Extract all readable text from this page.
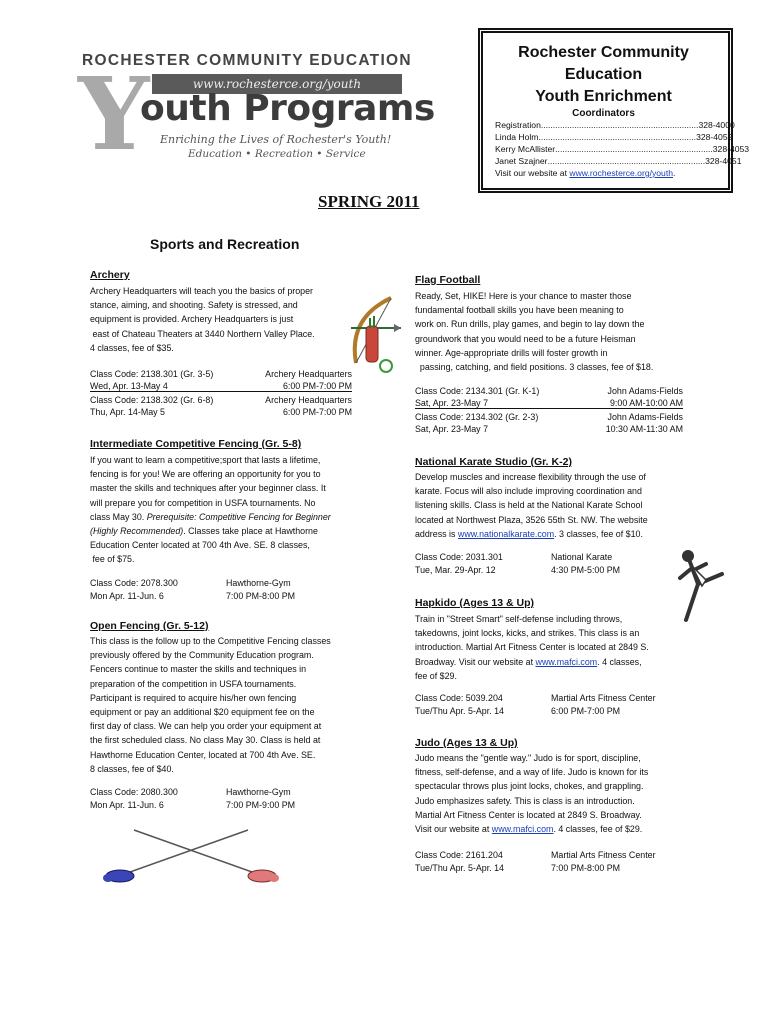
ROCHESTER COMMUNITY EDUCATION
www.rochesterce.org/youth
Y
outh Programs
Enriching the Lives of Rochester's Youth!
Education • Recreation • Service
Rochester Community
Education
Youth Enrichment
Coordinators
Registration .................................................................. 328-4000
Linda Holm .................................................................. 328-4052
Kerry McAllister .................................................................. 328-4053
Janet Szajner .................................................................. 328-4051
Visit our website at www.rochesterce.org/youth.
SPRING 2011
Sports and Recreation
Archery
Archery Headquarters will teach you the basics of proper
stance, aiming, and shooting. Safety is stressed, and
equipment is provided. Archery Headquarters is just
east of Chateau Theaters at 3440 Northern Valley Place.
4 classes, fee of $35.
Class Code: 2138.301 (Gr. 3-5)	Archery Headquarters
Wed, Apr. 13-May 4	6:00 PM-7:00 PM
Class Code: 2138.302 (Gr. 6-8)	Archery Headquarters
Thu, Apr. 14-May 5	6:00 PM-7:00 PM
Intermediate Competitive Fencing (Gr. 5-8)
If you want to learn a competitive;sport that lasts a lifetime,
fencing is for you! We are offering an opportunity for you to
master the skills and techniques after your beginner class. It
will prepare you for competition in USFA tournaments. No
class May 30. Prerequisite: Competitive Fencing for Beginner
(Highly Recommended). Classes take place at Hawthorne
Education Center located at 700 4th Ave. SE. 8 classes,
fee of $75.
Class Code: 2078.300	Hawthorne-Gym
Mon Apr. 11-Jun. 6	7:00 PM-8:00 PM
Open Fencing (Gr. 5-12)
This class is the follow up to the Competitive Fencing classes
previously offered by the Community Education program.
Fencers continue to master the skills and techniques in
preparation of the competition in USFA tournaments.
Participant is required to acquire his/her own fencing
equipment or pay an additional $20 equipment fee on the
first day of class. We can help you order your equipment at
the first scheduled class. No class May 30. Class is held at
Hawthorne Education Center, located at 700 4th Ave. SE.
8 classes, fee of $40.
Class Code: 2080.300	Hawthorne-Gym
Mon Apr. 11-Jun. 6	7:00 PM-9:00 PM
Flag Football
Ready, Set, HIKE! Here is your chance to master those
fundamental football skills you have been meaning to
work on. Run drills, play games, and begin to lay down the
groundwork that you would need to be a future Heisman
winner. Age-appropriate drills will foster growth in
passing, catching, and field positions. 3 classes, fee of $18.
Class Code: 2134.301 (Gr. K-1)	John Adams-Fields
Sat, Apr. 23-May 7	9:00 AM-10:00 AM
Class Code: 2134.302 (Gr. 2-3)	John Adams-Fields
Sat, Apr. 23-May 7	10:30 AM-11:30 AM
National Karate Studio (Gr. K-2)
Develop muscles and increase flexibility through the use of
karate. Focus will also include improving coordination and
listening skills. Class is held at the National Karate School
located at Northwest Plaza, 3526 55th St. NW. The website
address is www.nationalkarate.com. 3 classes, fee of $10.
Class Code: 2031.301	National Karate
Tue, Mar. 29-Apr. 12	4:30 PM-5:00 PM
Hapkido (Ages 13 & Up)
Train in "Street Smart" self-defense including throws,
takedowns, joint locks, kicks, and strikes. This class is an
introduction. Martial Art Fitness Center is located at 2849 S.
Broadway. Visit our website at www.mafci.com. 4 classes,
fee of $29.
Class Code: 5039.204	Martial Arts Fitness Center
Tue/Thu Apr. 5-Apr. 14	6:00 PM-7:00 PM
Judo (Ages 13 & Up)
Judo means the "gentle way." Judo is for sport, discipline,
fitness, self-defense, and a way of life. Judo is known for its
spectacular throws plus joint locks, chokes, and grappling.
Judo emphasizes safety. This is class is an introduction.
Martial Art Fitness Center is located at 2849 S. Broadway.
Visit our website at www.mafci.com. 4 classes, fee of $29.
Class Code: 2161.204	Martial Arts Fitness Center
Tue/Thu Apr. 5-Apr. 14	7:00 PM-8:00 PM
